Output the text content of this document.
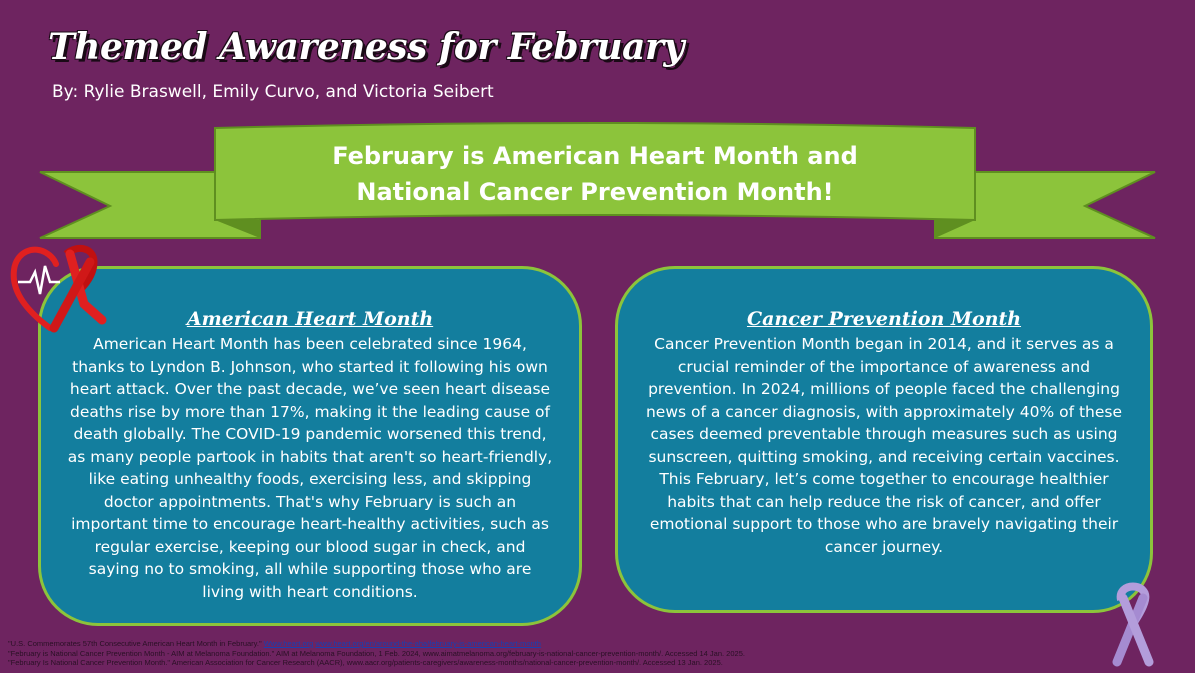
Themed Awareness for February
By: Rylie Braswell, Emily Curvo, and Victoria Seibert
February is American Heart Month and
National Cancer Prevention Month!
American Heart Month

American Heart Month has been celebrated since 1964, thanks to Lyndon B. Johnson, who started it following his own heart attack. Over the past decade, we’ve seen heart disease deaths rise by more than 17%, making it the leading cause of death globally. The COVID-19 pandemic worsened this trend, as many people partook in habits that aren't so heart-friendly, like eating unhealthy foods, exercising less, and skipping doctor appointments. That's why February is such an important time to encourage heart-healthy activities, such as regular exercise, keeping our blood sugar in check, and saying no to smoking, all while supporting those who are living with heart conditions.

Cancer Prevention Month

Cancer Prevention Month began in 2014, and it serves as a crucial reminder of the importance of awareness and prevention. In 2024, millions of people faced the challenging news of a cancer diagnosis, with approximately 40% of these cases deemed preventable through measures such as using sunscreen, quitting smoking, and receiving certain vaccines. This February, let’s come together to encourage healthier habits that can help reduce the risk of cancer, and offer emotional support to those who are bravely navigating their cancer journey.

"U.S. Commemorates 57th Consecutive American Heart Month in February." Www.heart.org www.heart.org/en/around-the-aha/february-is-american-heart-month
"February is National Cancer Prevention Month - AIM at Melanoma Foundation." AIM at Melanoma Foundation, 1 Feb. 2024, www.aimatmelanoma.org/february-is-national-cancer-prevention-month/. Accessed 14 Jan. 2025.
"February Is National Cancer Prevention Month." American Association for Cancer Research (AACR), www.aacr.org/patients-caregivers/awareness-months/national-cancer-prevention-month/. Accessed 13 Jan. 2025.
